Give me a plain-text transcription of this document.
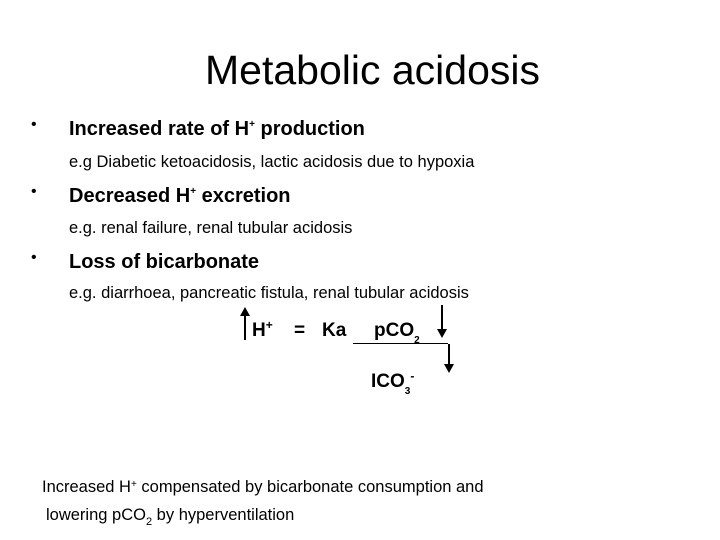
Metabolic acidosis
• Increased rate of H+ production
e.g Diabetic ketoacidosis, lactic acidosis due to hypoxia
• Decreased H+ excretion
e.g. renal failure, renal tubular acidosis
• Loss of bicarbonate
e.g. diarrhoea, pancreatic fistula, renal tubular acidosis
H+ = Ka pCO$_2$
$ICO_3^-$
Increased H+ compensated by bicarbonate consumption and
lowering pCO$_2$ by hyperventilation
